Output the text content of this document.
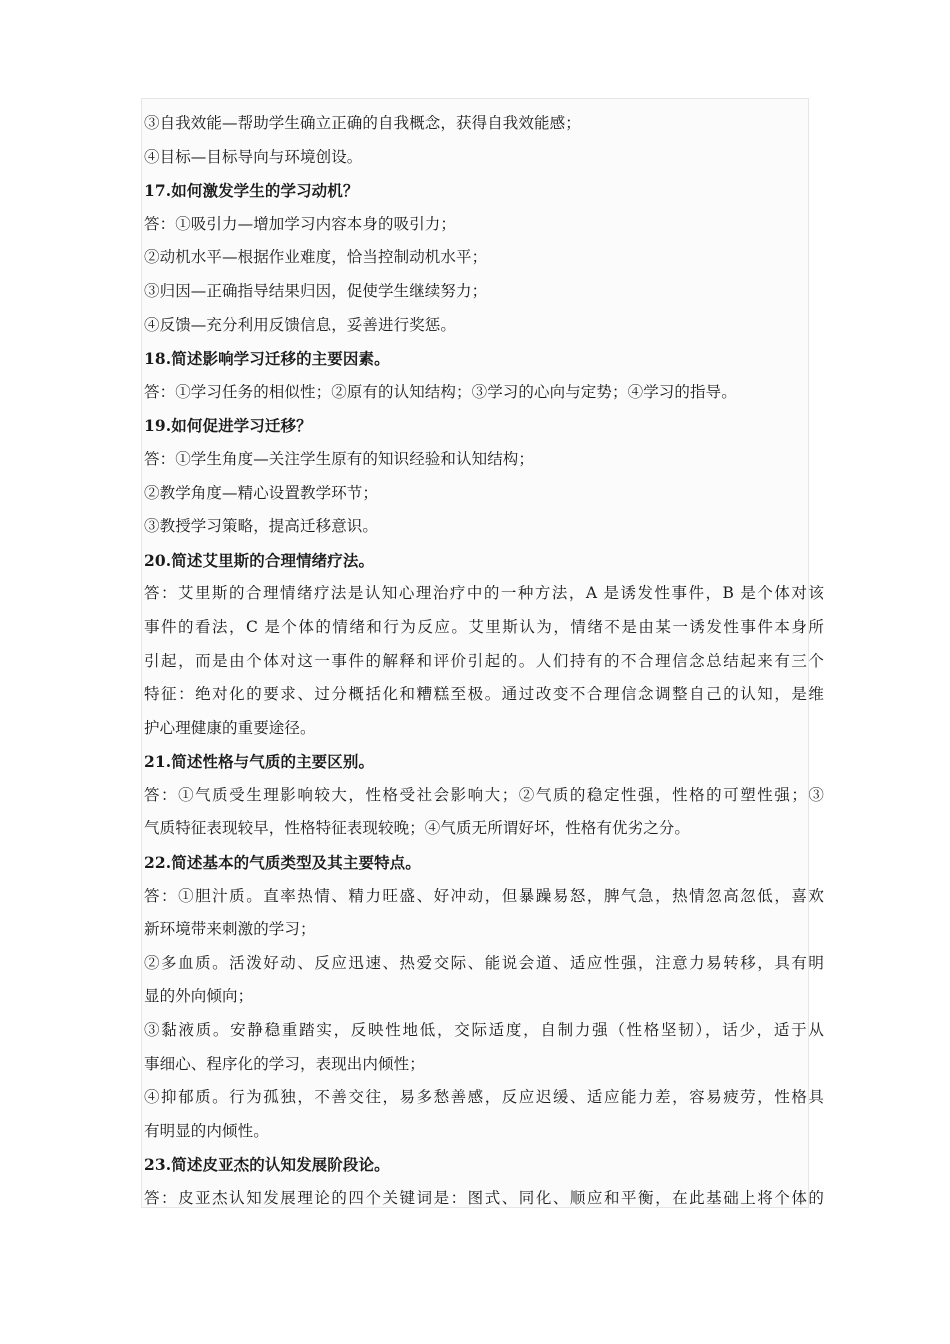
③自我效能—帮助学生确立正确的自我概念，获得自我效能感；
④目标—目标导向与环境创设。
17.如何激发学生的学习动机？
答：①吸引力—增加学习内容本身的吸引力；
②动机水平—根据作业难度，恰当控制动机水平；
③归因—正确指导结果归因，促使学生继续努力；
④反馈—充分利用反馈信息，妥善进行奖惩。
18.简述影响学习迁移的主要因素。
答：①学习任务的相似性；②原有的认知结构；③学习的心向与定势；④学习的指导。
19.如何促进学习迁移？
答：①学生角度—关注学生原有的知识经验和认知结构；
②教学角度—精心设置教学环节；
③教授学习策略，提高迁移意识。
20.简述艾里斯的合理情绪疗法。
答：艾里斯的合理情绪疗法是认知心理治疗中的一种方法，A 是诱发性事件，B 是个体对该
事件的看法，C 是个体的情绪和行为反应。艾里斯认为，情绪不是由某一诱发性事件本身所
引起，而是由个体对这一事件的解释和评价引起的。人们持有的不合理信念总结起来有三个
特征：绝对化的要求、过分概括化和糟糕至极。通过改变不合理信念调整自己的认知，是维
护心理健康的重要途径。
21.简述性格与气质的主要区别。
答：①气质受生理影响较大，性格受社会影响大；②气质的稳定性强，性格的可塑性强；③
气质特征表现较早，性格特征表现较晚；④气质无所谓好坏，性格有优劣之分。
22.简述基本的气质类型及其主要特点。
答：①胆汁质。直率热情、精力旺盛、好冲动，但暴躁易怒，脾气急，热情忽高忽低，喜欢
新环境带来刺激的学习；
②多血质。活泼好动、反应迅速、热爱交际、能说会道、适应性强，注意力易转移，具有明
显的外向倾向；
③黏液质。安静稳重踏实，反映性地低，交际适度，自制力强（性格坚韧），话少，适于从
事细心、程序化的学习，表现出内倾性；
④抑郁质。行为孤独，不善交往，易多愁善感，反应迟缓、适应能力差，容易疲劳，性格具
有明显的内倾性。
23.简述皮亚杰的认知发展阶段论。
答：皮亚杰认知发展理论的四个关键词是：图式、同化、顺应和平衡，在此基础上将个体的
